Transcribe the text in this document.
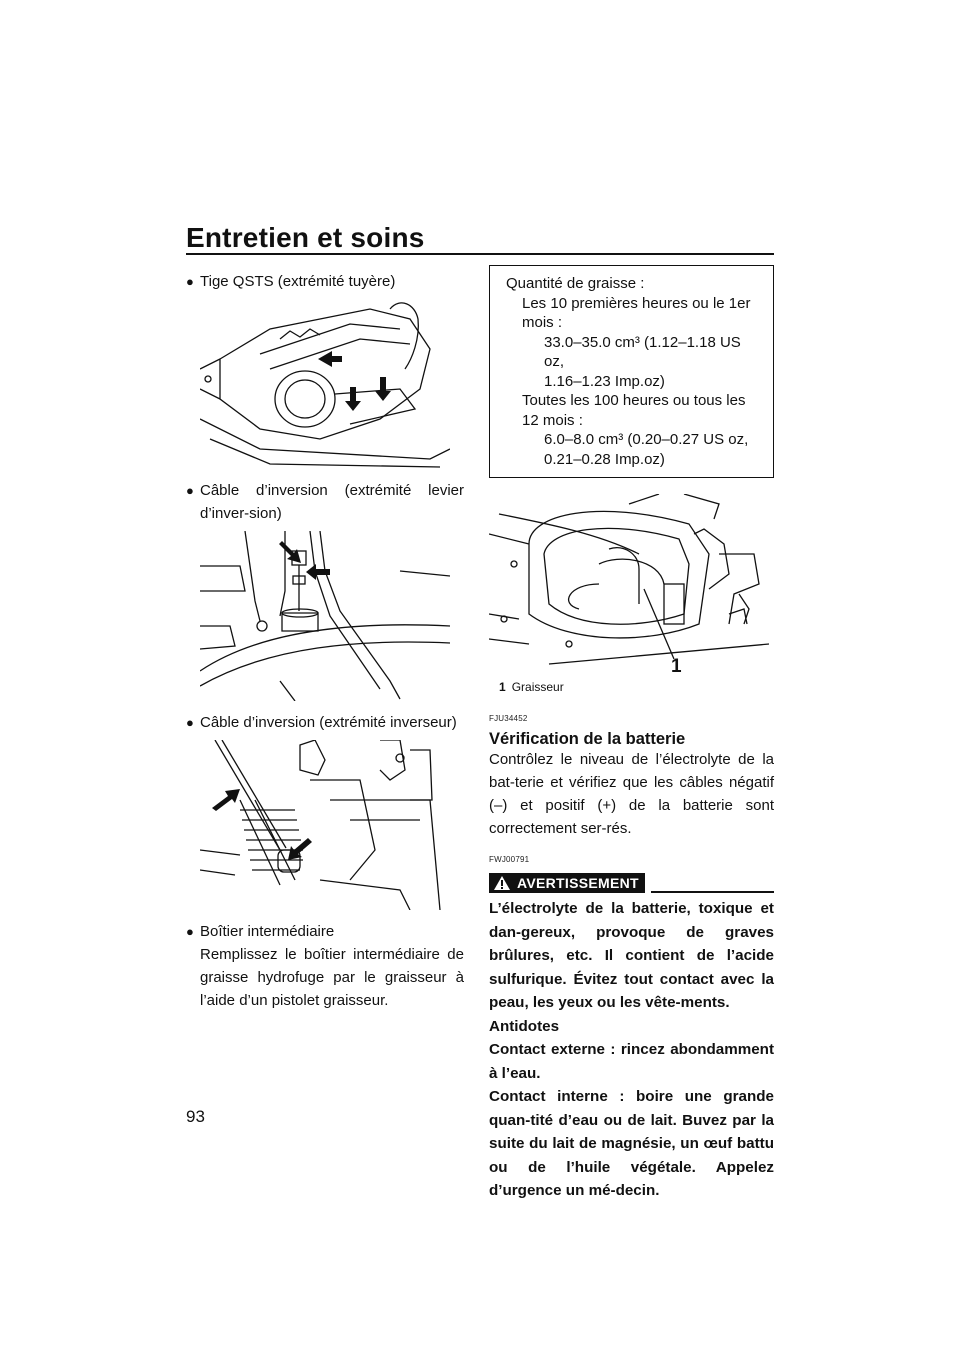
Entretien et soins
● Tige QSTS (extrémité tuyère)
● Câble d’inversion (extrémité levier d’inver-sion)
● Câble d’inversion (extrémité inverseur)
● Boîtier intermédiaire
Remplissez le boîtier intermédiaire de graisse hydrofuge par le graisseur à l’aide d’un pistolet graisseur.
Quantité de graisse :
Les 10 premières heures ou le 1er mois :
33.0–35.0 cm³ (1.12–1.18 US oz,
1.16–1.23 Imp.oz)
Toutes les 100 heures ou tous les 12 mois :
6.0–8.0 cm³ (0.20–0.27 US oz,
0.21–0.28 Imp.oz)
1
1 Graisseur
FJU34452
Vérification de la batterie
Contrôlez le niveau de l’électrolyte de la bat-terie et vérifiez que les câbles négatif (–) et positif (+) de la batterie sont correctement ser-rés.
FWJ00791
AVERTISSEMENT
L’électrolyte de la batterie, toxique et dan-gereux, provoque de graves brûlures, etc. Il contient de l’acide sulfurique. Évitez tout contact avec la peau, les yeux ou les vête-ments.
Antidotes
Contact externe : rincez abondamment à l’eau.
Contact interne : boire une grande quan-tité d’eau ou de lait. Buvez par la suite du lait de magnésie, un œuf battu ou de l’huile végétale. Appelez d’urgence un mé-decin.
93
